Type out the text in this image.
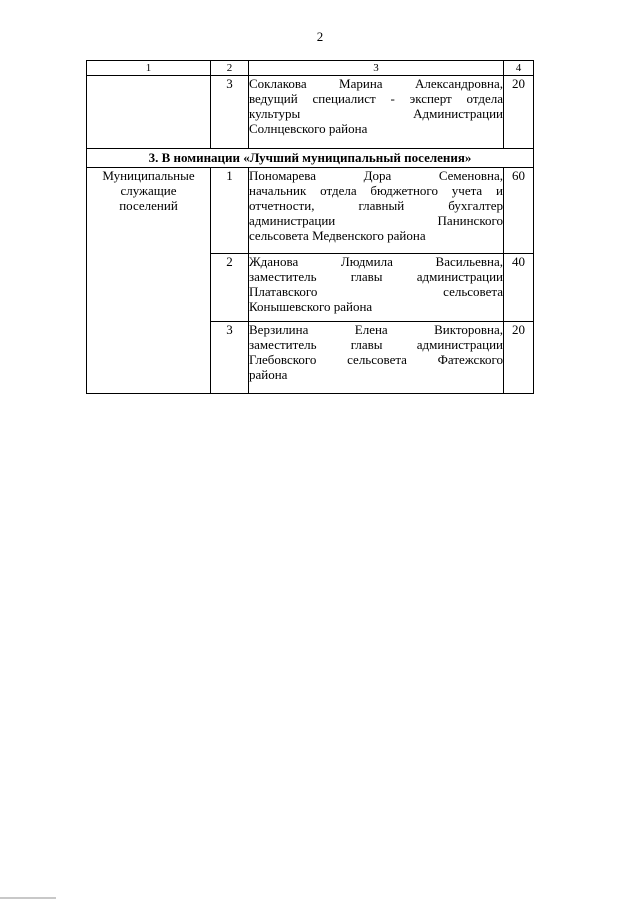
2
1	2	3	4
	3	Соклакова Марина Александровна,
ведущий специалист - эксперт отдела
культуры Администрации
Солнцевского района	20
3. В номинации «Лучший муниципальный поселения»			

Муниципальные
служащие
поселений	1	Пономарева Дора Семеновна,
начальник отдела бюджетного учета и
отчетности, главный бухгалтер
администрации Панинского
сельсовета Медвенского района	60
	2	Жданова Людмила Васильевна,
заместитель главы администрации
Платавского сельсовета
Конышевского района	40
	3	Верзилина Елена Викторовна,
заместитель главы администрации
Глебовского сельсовета Фатежского
района	20
